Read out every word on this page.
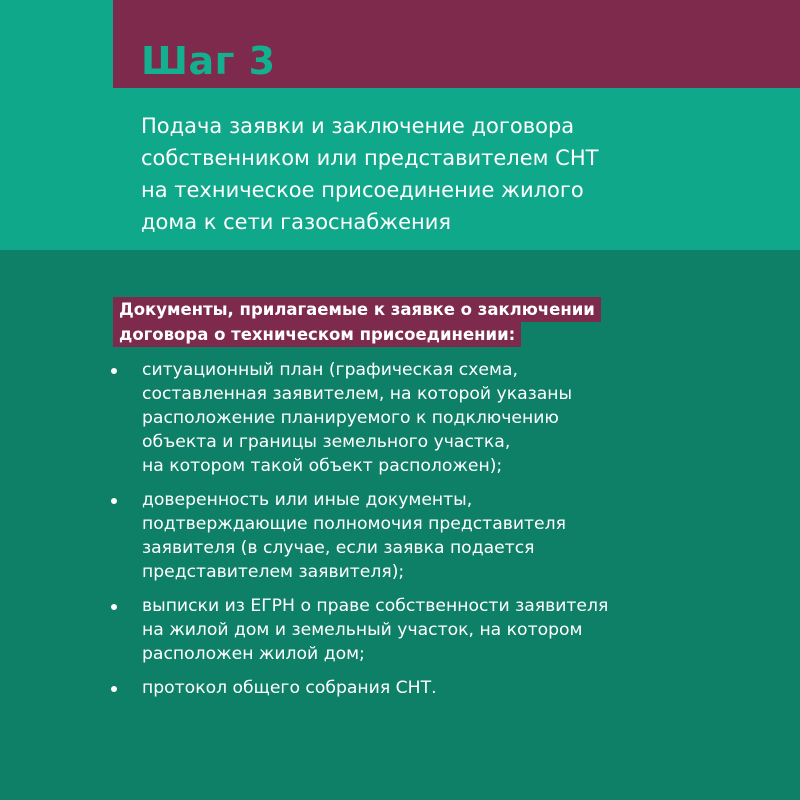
Шаг 3

Подача заявки и заключение договора
собственником или представителем СНТ
на техническое присоединение жилого
дома к сети газоснабжения

Документы, прилагаемые к заявке о заключении
договора о техническом присоединении:
ситуационный план (графическая схема,
составленная заявителем, на которой указаны
расположение планируемого к подключению
объекта и границы земельного участка,
на котором такой объект расположен);
доверенность или иные документы,
подтверждающие полномочия представителя
заявителя (в случае, если заявка подается
представителем заявителя);
выписки из ЕГРН о праве собственности заявителя
на жилой дом и земельный участок, на котором
расположен жилой дом;
протокол общего собрания СНТ.
